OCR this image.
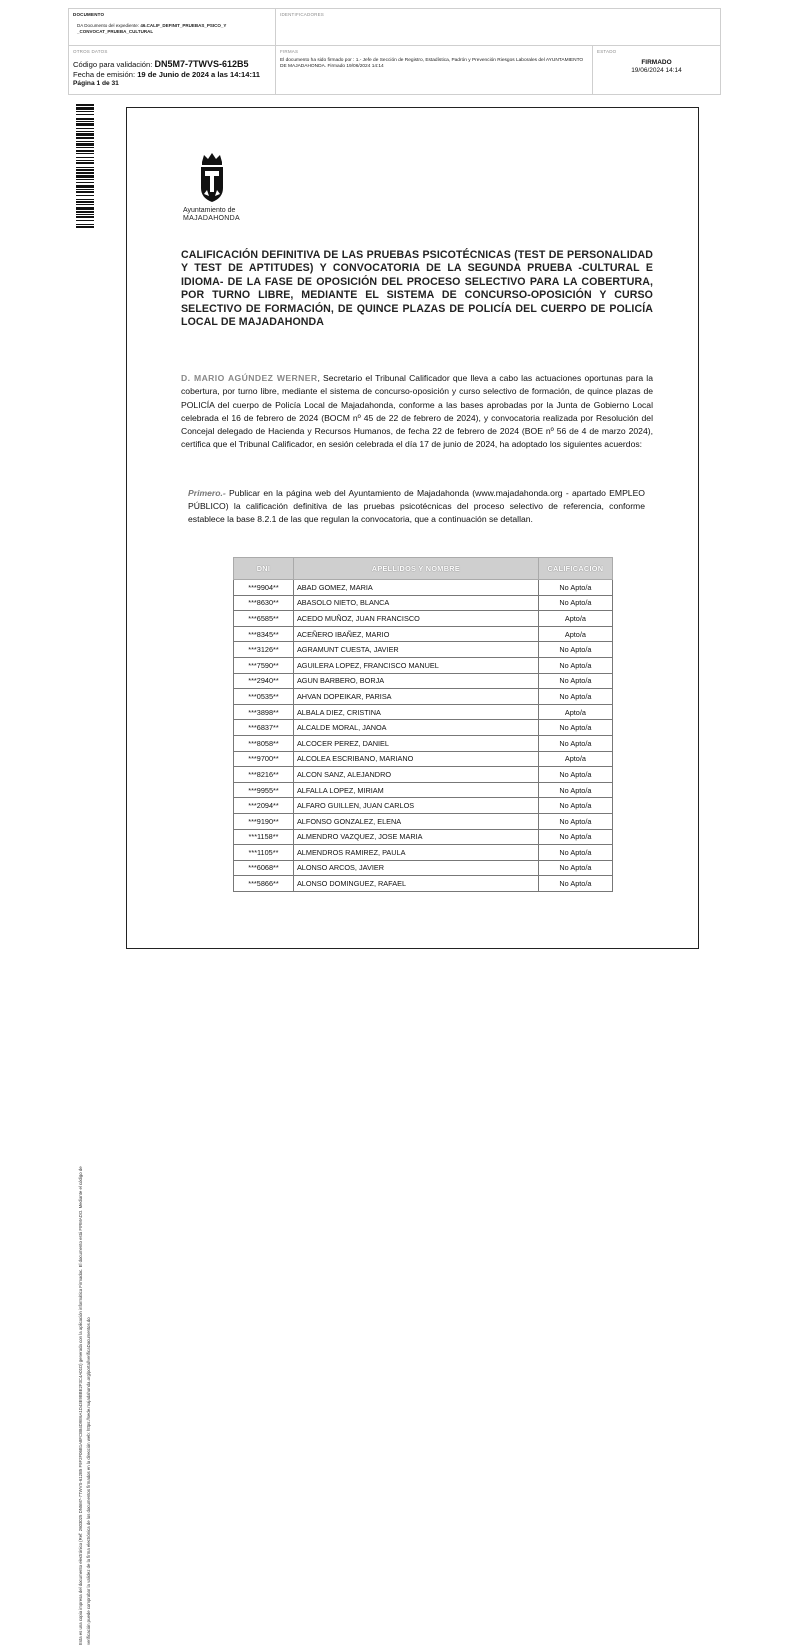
DOCUMENTO
DA Documento del expediente: 46.CALIF_DEFINIT_PRUEBAS_PSICO_Y _CONVOCAT_PRUEBA_CULTURAL
IDENTIFICADORES
OTROS DATOS
Código para validación: DN5M7-7TWVS-612B5
Fecha de emisión: 19 de Junio de 2024 a las 14:14:11
Página 1 de 31
FIRMAS
El documento ha sido firmado por : 1.- Jefe de Sección de Registro, Estadística, Padrón y Prevención Riesgos Laborales del AYUNTAMIENTO DE MAJADAHONDA. Firmado 19/06/2024 14:14
ESTADO
FIRMADO
19/06/2024 14:14
Esta es una copia impresa del documento electrónico (Ref: 2603025 DN5M7-7TWVS-612B5 F9F2F06B1A8FCB84D9E6A1D43E9BBE2F3C4A01D) generada con la aplicación informática Firmadoc. El documento está FIRMADO. Mediante el código de verificación puede comprobar la validez de la firma electrónica de los documentos firmados en la dirección web: https://sede.majadahonda.org/portal/verificaDocumentos.do
Ayuntamiento de
MAJADAHONDA
CALIFICACIÓN DEFINITIVA DE LAS PRUEBAS PSICOTÉCNICAS (TEST DE PERSONALIDAD Y TEST DE APTITUDES) Y CONVOCATORIA DE LA SEGUNDA PRUEBA -CULTURAL E IDIOMA- DE LA FASE DE OPOSICIÓN DEL PROCESO SELECTIVO PARA LA COBERTURA, POR TURNO LIBRE, MEDIANTE EL SISTEMA DE CONCURSO-OPOSICIÓN Y CURSO SELECTIVO DE FORMACIÓN, DE QUINCE PLAZAS DE POLICÍA DEL CUERPO DE POLICÍA LOCAL DE MAJADAHONDA
D. MARIO AGÚNDEZ WERNER, Secretario el Tribunal Calificador que lleva a cabo las actuaciones oportunas para la cobertura, por turno libre, mediante el sistema de concurso-oposición y curso selectivo de formación, de quince plazas de POLICÍA del cuerpo de Policía Local de Majadahonda, conforme a las bases aprobadas por la Junta de Gobierno Local celebrada el 16 de febrero de 2024 (BOCM nº 45 de 22 de febrero de 2024), y convocatoria realizada por Resolución del Concejal delegado de Hacienda y Recursos Humanos, de fecha 22 de febrero de 2024 (BOE nº 56 de 4 de marzo 2024), certifica que el Tribunal Calificador, en sesión celebrada el día 17 de junio de 2024, ha adoptado los siguientes acuerdos:
Primero.- Publicar en la página web del Ayuntamiento de Majadahonda (www.majadahonda.org - apartado EMPLEO PÚBLICO) la calificación definitiva de las pruebas psicotécnicas del proceso selectivo de referencia, conforme establece la base 8.2.1 de las que regulan la convocatoria, que a continuación se detallan.
DNI	APELLIDOS Y NOMBRE	CALIFICACIÓN
***9904**	ABAD GOMEZ, MARIA	No Apto/a
***8630**	ABASOLO NIETO, BLANCA	No Apto/a
***6585**	ACEDO MUÑOZ, JUAN FRANCISCO	Apto/a
***8345**	ACEÑERO IBAÑEZ, MARIO	Apto/a
***3126**	AGRAMUNT CUESTA, JAVIER	No Apto/a
***7590**	AGUILERA LOPEZ, FRANCISCO MANUEL	No Apto/a
***2940**	AGUN BARBERO, BORJA	No Apto/a
***0535**	AHVAN DOPEIKAR, PARISA	No Apto/a
***3898**	ALBALA DIEZ, CRISTINA	Apto/a
***6837**	ALCALDE MORAL, JANOA	No Apto/a
***8058**	ALCOCER PEREZ, DANIEL	No Apto/a
***9700**	ALCOLEA ESCRIBANO, MARIANO	Apto/a
***8216**	ALCON SANZ, ALEJANDRO	No Apto/a
***9955**	ALFALLA LOPEZ, MIRIAM	No Apto/a
***2094**	ALFARO GUILLEN, JUAN CARLOS	No Apto/a
***9190**	ALFONSO GONZALEZ, ELENA	No Apto/a
***1158**	ALMENDRO VAZQUEZ, JOSE MARIA	No Apto/a
***1105**	ALMENDROS RAMIREZ, PAULA	No Apto/a
***6068**	ALONSO ARCOS, JAVIER	No Apto/a
***5866**	ALONSO DOMINGUEZ, RAFAEL	No Apto/a
